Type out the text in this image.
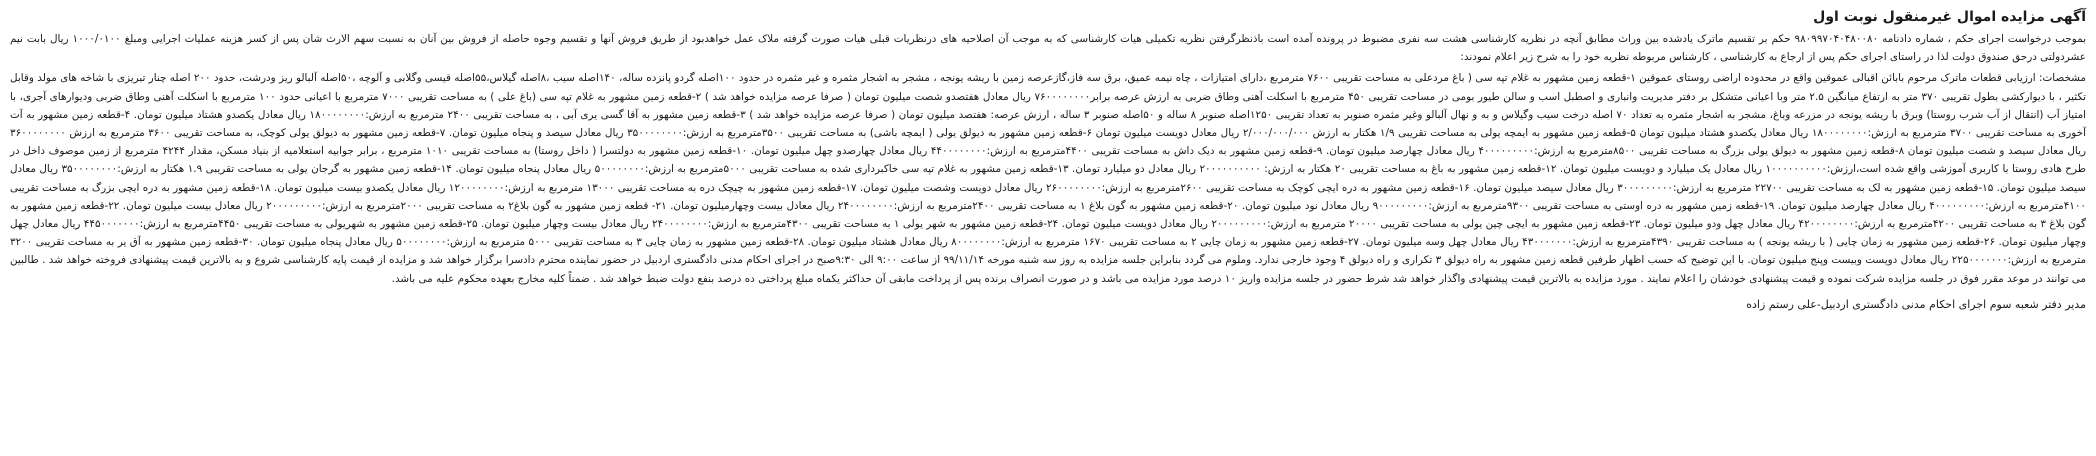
آگهی مزایده اموال غیرمنقول نوبت اول

بموجب درخواست اجرای حکم ، شماره دادنامه ۹۸۰۹۹۷۰۴۰۴۸۰۰۸۰ حکم بر تقسیم ماترک یادشده بین وراث مطابق آنچه در نظریه کارشناسی هشت سه نفری مضبوط در پرونده آمده است باذنظرگرفتن نظریه تکمیلی هیات کارشناسی که به موجب آن اصلاحیه های درنظریات قبلی هیات صورت گرفته ملاک عمل خواهدبود از طریق فروش آنها و تقسیم وجوه حاصله از فروش بین آنان به نسبت سهم الارث شان پس از کسر هزینه عملیات اجرایی ومبلغ ۱۰۰۰/۰۱۰۰ ریال بابت نیم عشردولتی درحق صندوق دولت لذا در راستای اجرای حکم پس از ارجاع به کارشناسی ، کارشناس مربوطه نظریه خود را به شرح زیر اعلام نمودند:

مشخصات: ارزیابی قطعات ماترک مرحوم بابائن اقبالی عموقین واقع در محدوده اراضی روستای عموقین ۱-قطعه زمین مشهور به غلام تپه سی ( باغ مردعلی به مساحت تقریبی ۷۶۰۰ مترمربع ،دارای امتیازات ، چاه نیمه عمیق، برق سه فاز،گازعرصه زمین با ریشه یونجه ، مشجر به اشجار مثمره و غیر مثمره در حدود ۱۰۰اصله گردو پانزده ساله، ۱۴۰اصله سیب ،۸اصله گیلاس،۵۵اصله قیسی وگلابی و آلوچه ،۵۰اصله آلبالو ریز ودرشت، حدود ۲۰۰ اصله چنار تبریزی با شاخه های مولد وقابل تکثیر ، با دیوارکشی بطول تقریبی ۳۷۰ متر به ارتفاع میانگین ۲.۵ متر وبا اعیانی متشکل بر دفتر مدیریت وانباری و اصطبل اسب و سالن طیور بومی در مساحت تقریبی ۴۵۰ مترمربع با اسکلت آهنی وطاق ضربی به ارزش عرصه برابر۷۶۰۰۰۰۰۰۰۰ ریال معادل هفتصدو شصت میلیون تومان ( صرفا عرصه مزایده خواهد شد ) ۲-قطعه زمین مشهور به غلام تپه سی (باغ علی ) به مساحت تقریبی ۷۰۰۰ مترمربع با اعیانی حدود ۱۰۰ مترمربع با اسکلت آهنی وطاق ضربی ودیوارهای آجری، با امتیاز آب (انتقال از آب شرب روستا) وبرق با ریشه یونجه در مزرعه وباغ، مشجر به اشجار مثمره به تعداد ۷۰ اصله درخت سیب وگیلاس و به و نهال آلبالو وغیر مثمره صنوبر به تعداد تقریبی ۱۲۵۰اصله صنوبر ۸ ساله و ۵۰اصله صنوبر ۳ ساله ، ارزش عرصه: هفتصد میلیون تومان ( صرفا عرصه مزایده خواهد شد ) ۳-قطعه زمین مشهور به آقا گسی یری آبی ، به مساحت تقریبی ۲۴۰۰ مترمربع به ارزش:۱۸۰۰۰۰۰۰۰۰ ریال معادل یکصدو هشتاد میلیون تومان. ۴-قطعه زمین مشهور به آت آخوری به مساحت تقریبی ۳۷۰۰ مترمربع به ارزش:۱۸۰۰۰۰۰۰۰۰ ریال معادل یکصدو هشتاد میلیون تومان ۵-قطعه زمین مشهور به ایمچه یولی به مساحت تقریبی ۱/۹ هکتار به ارزش ۲/۰۰۰/۰۰۰/۰۰۰ ریال معادل دویست میلیون تومان ۶-قطعه زمین مشهور به دیولق یولی ( ایمچه باشی) به مساحت تقریبی ۳۵۰۰مترمربع به ارزش:۳۵۰۰۰۰۰۰۰۰ ریال معادل سیصد و پنجاه میلیون تومان. ۷-قطعه زمین مشهور به دیولق یولی کوچک، به مساحت تقریبی ۳۶۰۰ مترمربع به ارزش ۳۶۰۰۰۰۰۰۰۰ ریال معادل سیصد و شصت میلیون تومان ۸-قطعه زمین مشهور به دیولق یولی بزرگ به مساحت تقریبی ۸۵۰۰مترمربع به ارزش:۴۰۰۰۰۰۰۰۰۰ ریال معادل چهارصد میلیون تومان. ۹-قطعه زمین مشهور به دیک داش به مساحت تقریبی ۴۴۰۰مترمربع به ارزش:۴۴۰۰۰۰۰۰۰۰ ریال معادل چهارصدو چهل میلیون تومان. ۱۰-قطعه زمین مشهور به دولتسرا ( داخل روستا) به مساحت تقریبی ۱۰۱۰ مترمربع ، برابر جوابیه استعلامیه از بنیاد مسکن، مقدار ۴۲۴۴ مترمربع از زمین موصوف داخل در طرح هادی روستا با کاربری آموزشی واقع شده است،ارزش:۱۰۰۰۰۰۰۰۰۰۰ ریال معادل یک میلیارد و دویست میلیون تومان. ۱۲-قطعه زمین مشهور به باغ به مساحت تقریبی ۲۰ هکتار به ارزش: ۲۰۰۰۰۰۰۰۰۰۰ ریال معادل دو میلیارد تومان. ۱۳-قطعه زمین مشهور به غلام تپه سی خاکبرداری شده به مساحت تقریبی ۵۰۰۰مترمربع به ارزش:۵۰۰۰۰۰۰۰۰ ریال معادل پنجاه میلیون تومان. ۱۴-قطعه زمین مشهور به گرجان یولی به مساحت تقریبی ۱.۹ هکتار به ارزش:۳۵۰۰۰۰۰۰۰۰ ریال معادل سیصد میلیون تومان. ۱۵-قطعه زمین مشهور به لک به مساحت تقریبی ۲۲۷۰۰ مترمربع به ارزش:۳۰۰۰۰۰۰۰۰۰ ریال معادل سیصد میلیون تومان. ۱۶-قطعه زمین مشهور به دره ایچی کوچک به مساحت تقریبی ۲۶۰۰مترمربع به ارزش:۲۶۰۰۰۰۰۰۰۰ ریال معادل دویست وشصت میلیون تومان. ۱۷-قطعه زمین مشهور به چیچک دره به مساحت تقریبی ۱۳۰۰۰ مترمربع به ارزش:۱۲۰۰۰۰۰۰۰۰ ریال معادل یکصدو بیست میلیون تومان. ۱۸-قطعه زمین مشهور به دره ایچی بزرگ به مساحت تقریبی ۴۱۰۰مترمربع به ارزش:۴۰۰۰۰۰۰۰۰۰ ریال معادل چهارصد میلیون تومان. ۱۹-قطعه زمین مشهور به دره اوستی به مساحت تقریبی ۹۳۰۰مترمربع به ارزش:۹۰۰۰۰۰۰۰۰۰ ریال معادل نود میلیون تومان. ۲۰-قطعه زمین مشهور به گون بلاغ ۱ به مساحت تقریبی ۲۴۰۰مترمربع به ارزش:۲۴۰۰۰۰۰۰۰۰ ریال معادل بیست وچهارمیلیون تومان. ۲۱- قطعه زمین مشهور به گون بلاغ۲ به مساحت تقریبی ۲۰۰۰مترمربع به ارزش:۲۰۰۰۰۰۰۰۰۰ ریال معادل بیست میلیون تومان. ۲۲-قطعه زمین مشهور به گون بلاغ ۳ به مساحت تقریبی ۴۲۰۰مترمربع به ارزش:۴۲۰۰۰۰۰۰۰۰ ریال معادل چهل ودو میلیون تومان. ۲۳-قطعه زمین مشهور به ایچی چین یولی به مساحت تقریبی ۲۰۰۰۰ مترمربع به ارزش:۲۰۰۰۰۰۰۰۰۰ ریال معادل دویست میلیون تومان. ۲۴-قطعه زمین مشهور به شهر یولی ۱ به مساحت تقریبی ۴۳۰۰مترمربع به ارزش:۲۴۰۰۰۰۰۰۰۰ ریال معادل بیست وچهار میلیون تومان. ۲۵-قطعه زمین مشهور به شهریولی به مساحت تقریبی ۴۴۵۰مترمربع به ارزش:۴۴۵۰۰۰۰۰۰۰ ریال معادل چهل وچهار میلیون تومان. ۲۶-قطعه زمین مشهور به زمان چایی ( با ریشه یونجه ) به مساحت تقریبی ۴۳۹۰مترمربع به ارزش:۴۳۰۰۰۰۰۰۰ ریال معادل چهل وسه میلیون تومان. ۲۷-قطعه زمین مشهور به زمان چایی ۲ به مساحت تقریبی ۱۶۷۰ مترمربع به ارزش:۸۰۰۰۰۰۰۰۰ ریال معادل هشتاد میلیون تومان. ۲۸-قطعه زمین مشهور به زمان چایی ۳ به مساحت تقریبی ۵۰۰۰ مترمربع به ارزش:۵۰۰۰۰۰۰۰۰ ریال معادل پنجاه میلیون تومان. ۳۰-قطعه زمین مشهور به آق یر به مساحت تقریبی ۳۲۰۰ مترمربع به ارزش:۲۲۵۰۰۰۰۰۰۰ ریال معادل دویست وبیست وپنج میلیون تومان. با این توضیح که حسب اظهار طرفین قطعه زمین مشهور به راه دیولق ۳ تکراری و راه دیولق ۴ وجود خارجی ندارد. وملوم می گردد بنابراین جلسه مزایده به روز سه شنبه مورخه ۹۹/۱۱/۱۴ از ساعت ۹:۰۰ الی ۹:۳۰صبح در اجرای احکام مدنی دادگستری اردبیل در حضور نماینده محترم دادسرا برگزار خواهد شد و مزایده از قیمت پایه کارشناسی شروع و به بالاترین قیمت پیشنهادی فروخته خواهد شد . طالبین می توانند در موعد مقرر فوق در جلسه مزایده شرکت نموده و قیمت پیشنهادی خودشان را اعلام نمایند . مورد مزایده به بالاترین قیمت پیشنهادی واگذار خواهد شد شرط حضور در جلسه مزایده واریز ۱۰ درصد مورد مزایده می باشد و در صورت انصراف برنده پس از پرداخت مابقی آن حداکثر یکماه مبلغ پرداختی ده درصد بنفع دولت ضبط خواهد شد . ضمناً کلیه مخارج بعهده محکوم علیه می باشد.

مدیر دفتر شعبه سوم اجرای احکام مدنی دادگستری اردبیل-علی رستم زاده
